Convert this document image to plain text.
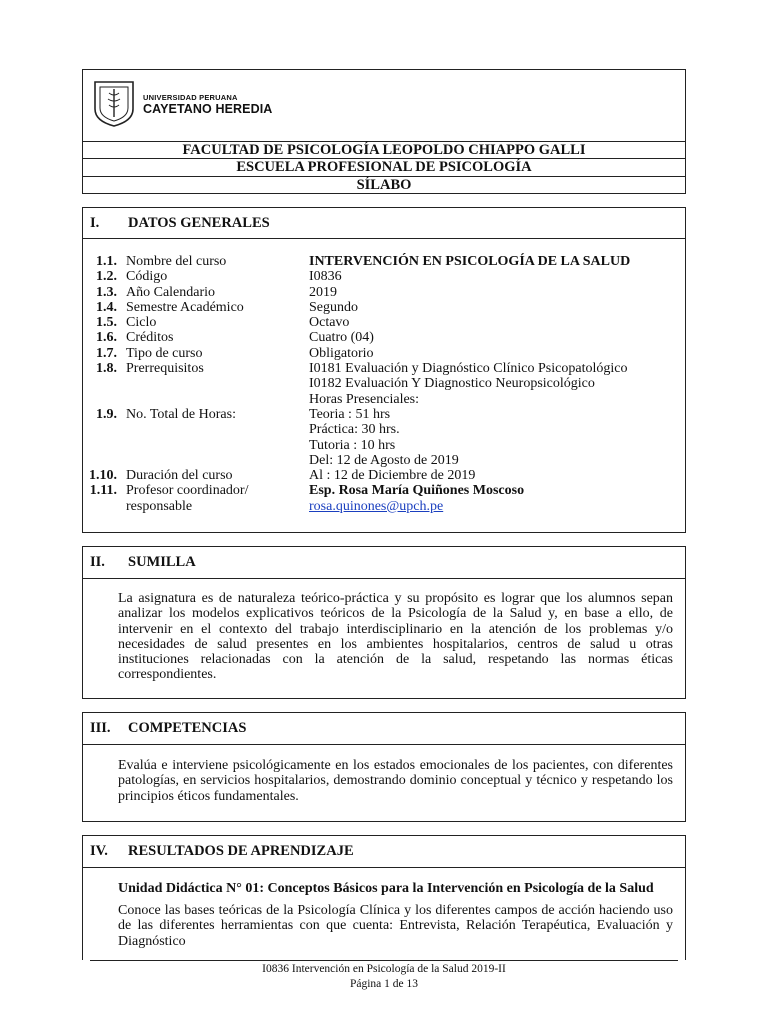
UNIVERSIDAD PERUANA
CAYETANO HEREDIA
FACULTAD DE PSICOLOGÍA LEOPOLDO CHIAPPO GALLI
ESCUELA PROFESIONAL DE PSICOLOGÍA
SÍLABO
I. DATOS GENERALES
1.1. Nombre del curso	INTERVENCIÓN EN PSICOLOGÍA DE LA SALUD
1.2. Código	I0836
1.3. Año Calendario	2019
1.4. Semestre Académico	Segundo
1.5. Ciclo	Octavo
1.6. Créditos	Cuatro (04)
1.7. Tipo de curso	Obligatorio
1.8. Prerrequisitos	I0181 Evaluación y Diagnóstico Clínico Psicopatológico
I0182 Evaluación Y Diagnostico Neuropsicológico
Horas Presenciales:
1.9. No. Total de Horas:	Teoria : 51 hrs
Práctica: 30 hrs.
Tutoria : 10 hrs
Del: 12 de Agosto de 2019
1.10. Duración del curso	Al : 12 de Diciembre de 2019
1.11. Profesor coordinador/	Esp. Rosa María Quiñones Moscoso
responsable	rosa.quinones@upch.pe
II. SUMILLA
La asignatura es de naturaleza teórico-práctica y su propósito es lograr que los alumnos sepan analizar los modelos explicativos teóricos de la Psicología de la Salud y, en base a ello, de intervenir en el contexto del trabajo interdisciplinario en la atención de los problemas y/o necesidades de salud presentes en los ambientes hospitalarios, centros de salud u otras instituciones relacionadas con la atención de la salud, respetando las normas éticas correspondientes.
III. COMPETENCIAS
Evalúa e interviene psicológicamente en los estados emocionales de los pacientes, con diferentes patologías, en servicios hospitalarios, demostrando dominio conceptual y técnico y respetando los principios éticos fundamentales.
IV. RESULTADOS DE APRENDIZAJE
Unidad Didáctica N° 01: Conceptos Básicos para la Intervención en Psicología de la Salud
Conoce las bases teóricas de la Psicología Clínica y los diferentes campos de acción haciendo uso de las diferentes herramientas con que cuenta: Entrevista, Relación Terapéutica, Evaluación y Diagnóstico
I0836 Intervención en Psicología de la Salud 2019-II
Página 1 de 13
